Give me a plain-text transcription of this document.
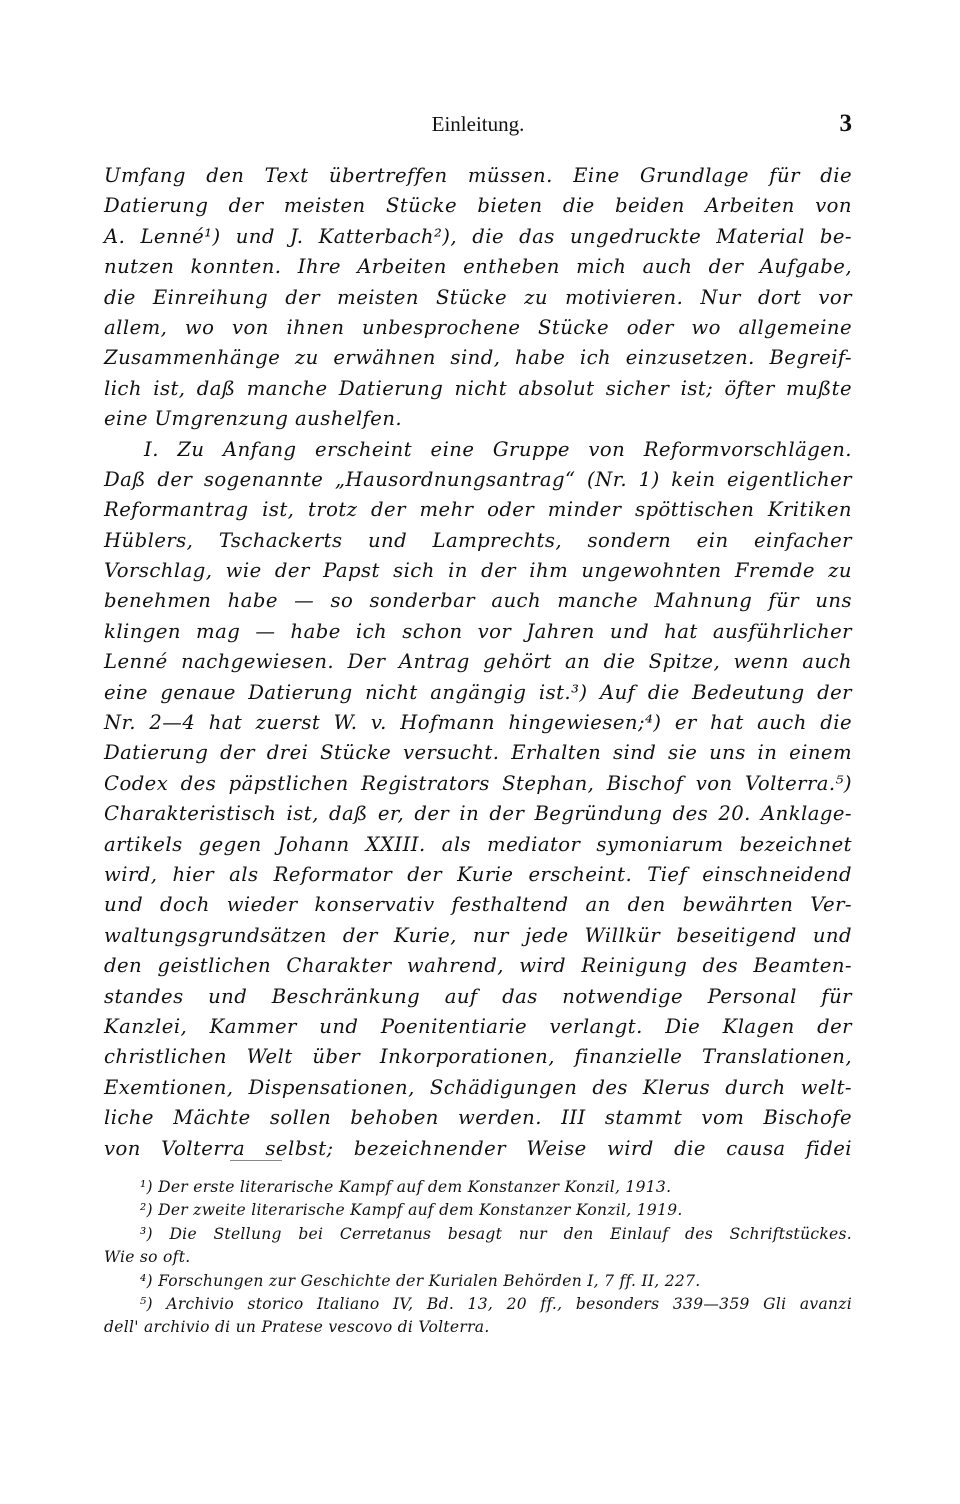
Einleitung.	3
Umfang den Text übertreffen müssen. Eine Grundlage für die
Datierung der meisten Stücke bieten die beiden Arbeiten von
A. Lenné¹) und J. Katterbach²), die das ungedruckte Material be-
nutzen konnten. Ihre Arbeiten entheben mich auch der Aufgabe,
die Einreihung der meisten Stücke zu motivieren. Nur dort vor
allem, wo von ihnen unbesprochene Stücke oder wo allgemeine
Zusammenhänge zu erwähnen sind, habe ich einzusetzen. Begreif-
lich ist, daß manche Datierung nicht absolut sicher ist; öfter mußte
eine Umgrenzung aushelfen.
I. Zu Anfang erscheint eine Gruppe von Reformvorschlägen.
Daß der sogenannte „Hausordnungsantrag“ (Nr. 1) kein eigentlicher
Reformantrag ist, trotz der mehr oder minder spöttischen Kritiken
Hüblers, Tschackerts und Lamprechts, sondern ein einfacher
Vorschlag, wie der Papst sich in der ihm ungewohnten Fremde zu
benehmen habe — so sonderbar auch manche Mahnung für uns
klingen mag — habe ich schon vor Jahren und hat ausführlicher
Lenné nachgewiesen. Der Antrag gehört an die Spitze, wenn auch
eine genaue Datierung nicht angängig ist.³) Auf die Bedeutung der
Nr. 2—4 hat zuerst W. v. Hofmann hingewiesen;⁴) er hat auch die
Datierung der drei Stücke versucht. Erhalten sind sie uns in einem
Codex des päpstlichen Registrators Stephan, Bischof von Volterra.⁵)
Charakteristisch ist, daß er, der in der Begründung des 20. Anklage-
artikels gegen Johann XXIII. als mediator symoniarum bezeichnet
wird, hier als Reformator der Kurie erscheint. Tief einschneidend
und doch wieder konservativ festhaltend an den bewährten Ver-
waltungsgrundsätzen der Kurie, nur jede Willkür beseitigend und
den geistlichen Charakter wahrend, wird Reinigung des Beamten-
standes und Beschränkung auf das notwendige Personal für
Kanzlei, Kammer und Poenitentiarie verlangt. Die Klagen der
christlichen Welt über Inkorporationen, finanzielle Translationen,
Exemtionen, Dispensationen, Schädigungen des Klerus durch welt-
liche Mächte sollen behoben werden. III stammt vom Bischofe
von Volterra selbst; bezeichnender Weise wird die causa fidei
¹) Der erste literarische Kampf auf dem Konstanzer Konzil, 1913.
²) Der zweite literarische Kampf auf dem Konstanzer Konzil, 1919.
³) Die Stellung bei Cerretanus besagt nur den Einlauf des Schriftstückes.
Wie so oft.
⁴) Forschungen zur Geschichte der Kurialen Behörden I, 7 ff. II, 227.
⁵) Archivio storico Italiano IV, Bd. 13, 20 ff., besonders 339—359 Gli avanzi
dell' archivio di un Pratese vescovo di Volterra.
